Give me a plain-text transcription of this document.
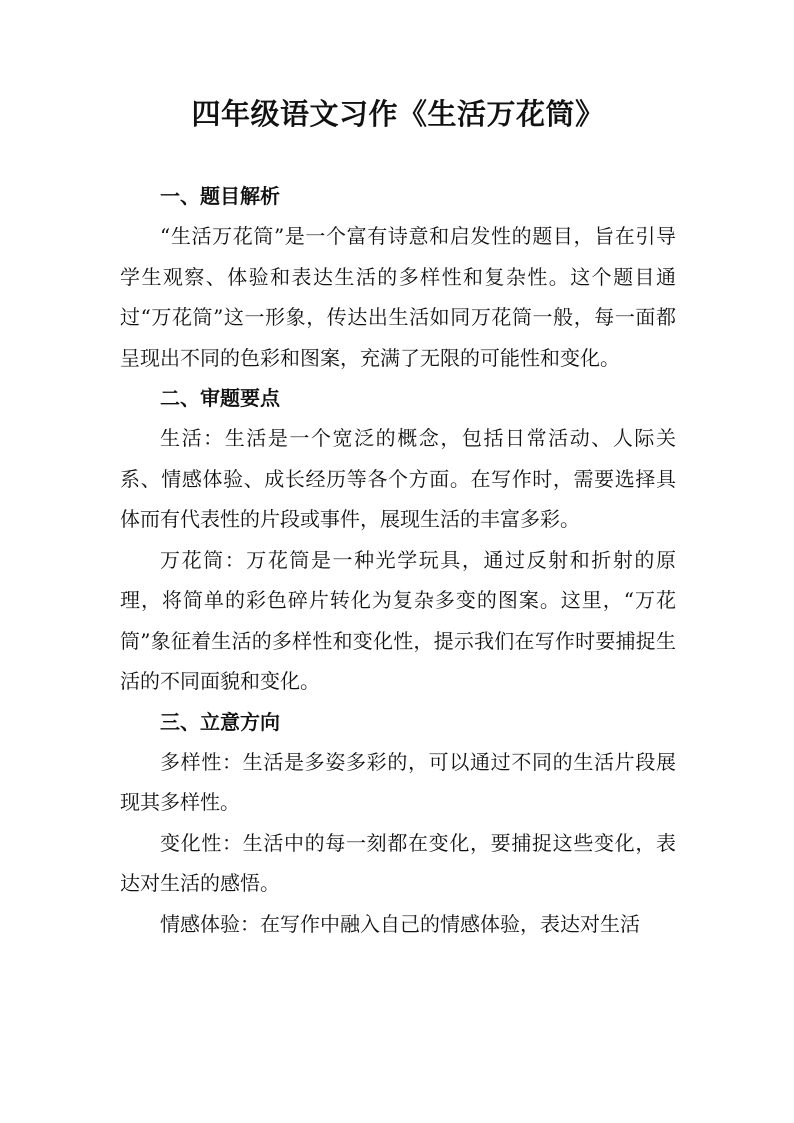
四年级语文习作《生活万花筒》
一、题目解析

“生活万花筒”是一个富有诗意和启发性的题目，旨在引导学生观察、体验和表达生活的多样性和复杂性。这个题目通过“万花筒”这一形象，传达出生活如同万花筒一般，每一面都呈现出不同的色彩和图案，充满了无限的可能性和变化。

二、审题要点

生活：生活是一个宽泛的概念，包括日常活动、人际关系、情感体验、成长经历等各个方面。在写作时，需要选择具体而有代表性的片段或事件，展现生活的丰富多彩。

万花筒：万花筒是一种光学玩具，通过反射和折射的原理，将简单的彩色碎片转化为复杂多变的图案。这里，“万花筒”象征着生活的多样性和变化性，提示我们在写作时要捕捉生活的不同面貌和变化。

三、立意方向

多样性：生活是多姿多彩的，可以通过不同的生活片段展现其多样性。

变化性：生活中的每一刻都在变化，要捕捉这些变化，表达对生活的感悟。

情感体验：在写作中融入自己的情感体验，表达对生活
